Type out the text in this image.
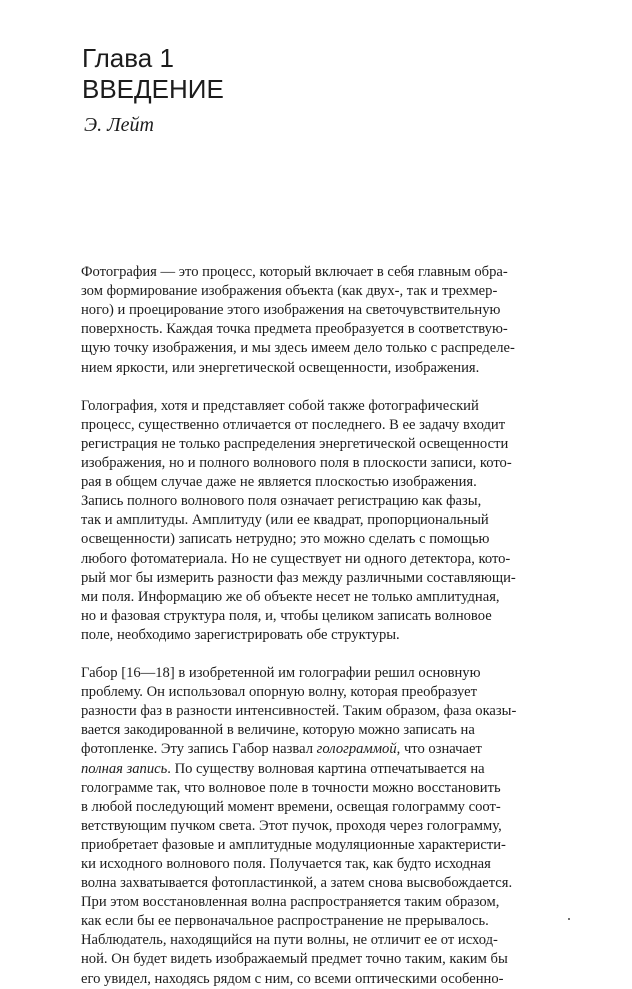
Глава 1
ВВЕДЕНИЕ
Э. Лейт

Фотография — это процесс, который включает в себя главным обра-
зом формирование изображения объекта (как двух-, так и трехмер-
ного) и проецирование этого изображения на светочувствительную
поверхность. Каждая точка предмета преобразуется в соответствую-
щую точку изображения, и мы здесь имеем дело только с распределе-
нием яркости, или энергетической освещенности, изображения.

Голография, хотя и представляет собой также фотографический
процесс, существенно отличается от последнего. В ее задачу входит
регистрация не только распределения энергетической освещенности
изображения, но и полного волнового поля в плоскости записи, кото-
рая в общем случае даже не является плоскостью изображения.
Запись полного волнового поля означает регистрацию как фазы,
так и амплитуды. Амплитуду (или ее квадрат, пропорциональный
освещенности) записать нетрудно; это можно сделать с помощью
любого фотоматериала. Но не существует ни одного детектора, кото-
рый мог бы измерить разности фаз между различными составляющи-
ми поля. Информацию же об объекте несет не только амплитудная,
но и фазовая структура поля, и, чтобы целиком записать волновое
поле, необходимо зарегистрировать обе структуры.

Габор [16—18] в изобретенной им голографии решил основную
проблему. Он использовал опорную волну, которая преобразует
разности фаз в разности интенсивностей. Таким образом, фаза оказы-
вается закодированной в величине, которую можно записать на
фотопленке. Эту запись Габор назвал голограммой, что означает
полная запись. По существу волновая картина отпечатывается на
голограмме так, что волновое поле в точности можно восстановить
в любой последующий момент времени, освещая голограмму соот-
ветствующим пучком света. Этот пучок, проходя через голограмму,
приобретает фазовые и амплитудные модуляционные характеристи-
ки исходного волнового поля. Получается так, как будто исходная
волна захватывается фотопластинкой, а затем снова высвобождается.
При этом восстановленная волна распространяется таким образом,
как если бы ее первоначальное распространение не прерывалось.
Наблюдатель, находящийся на пути волны, не отличит ее от исход-
ной. Он будет видеть изображаемый предмет точно таким, каким бы
его увидел, находясь рядом с ним, со всеми оптическими особенно-
